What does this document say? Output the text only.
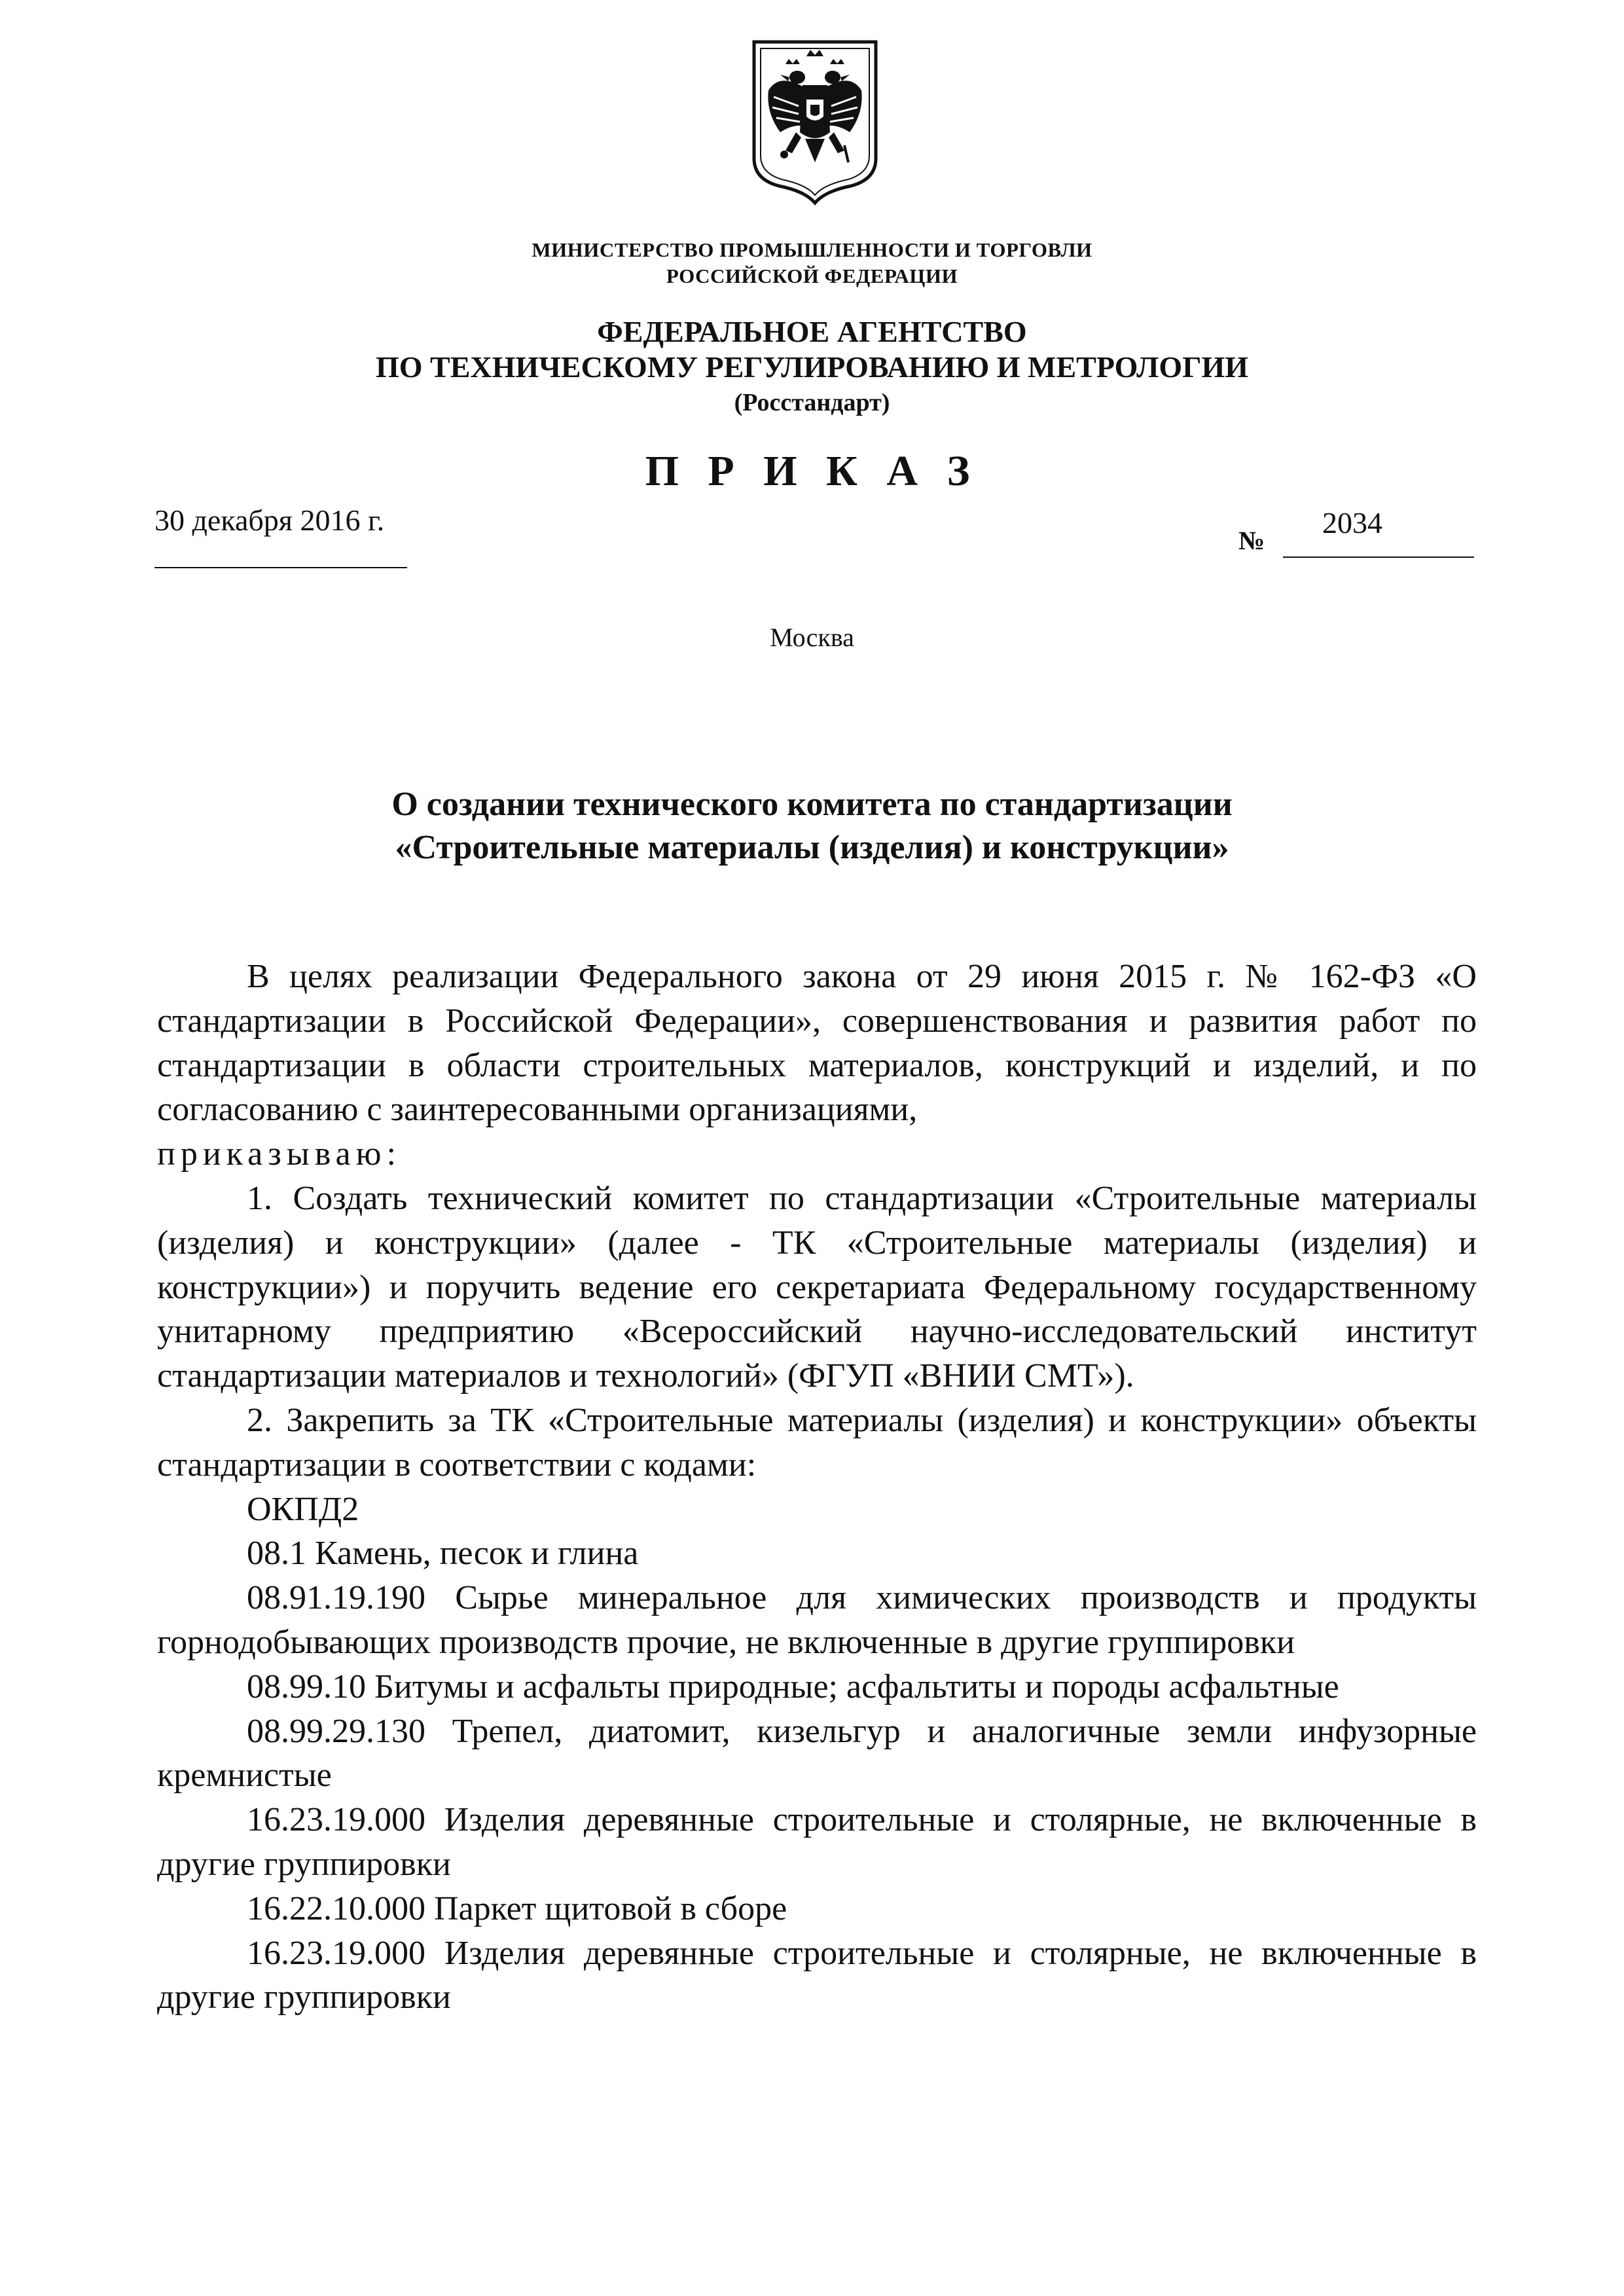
МИНИСТЕРСТВО ПРОМЫШЛЕННОСТИ И ТОРГОВЛИ
РОССИЙСКОЙ ФЕДЕРАЦИИ
ФЕДЕРАЛЬНОЕ АГЕНТСТВО
ПО ТЕХНИЧЕСКОМУ РЕГУЛИРОВАНИЮ И МЕТРОЛОГИИ
(Росстандарт)
П Р И К А З
30 декабря 2016 г.
№
2034
Москва
О создании технического комитета по стандартизации
«Строительные материалы (изделия) и конструкции»

В целях реализации Федерального закона от 29 июня 2015 г. № 162-ФЗ «О стандартизации в Российской Федерации», совершенствования и развития работ по стандартизации в области строительных материалов, конструкций и изделий, и по согласованию с заинтересованными организациями,
приказываю:

1. Создать технический комитет по стандартизации «Строительные материалы (изделия) и конструкции» (далее - ТК «Строительные материалы (изделия) и конструкции») и поручить ведение его секретариата Федеральному государственному унитарному предприятию «Всероссийский научно-исследовательский институт стандартизации материалов и технологий» (ФГУП «ВНИИ СМТ»).

2. Закрепить за ТК «Строительные материалы (изделия) и конструкции» объекты стандартизации в соответствии с кодами:

ОКПД2

08.1 Камень, песок и глина

08.91.19.190 Сырье минеральное для химических производств и продукты горнодобывающих производств прочие, не включенные в другие группировки

08.99.10 Битумы и асфальты природные; асфальтиты и породы асфальтные

08.99.29.130 Трепел, диатомит, кизельгур и аналогичные земли инфузорные кремнистые

16.23.19.000 Изделия деревянные строительные и столярные, не включенные в другие группировки

16.22.10.000 Паркет щитовой в сборе

16.23.19.000 Изделия деревянные строительные и столярные, не включенные в другие группировки
